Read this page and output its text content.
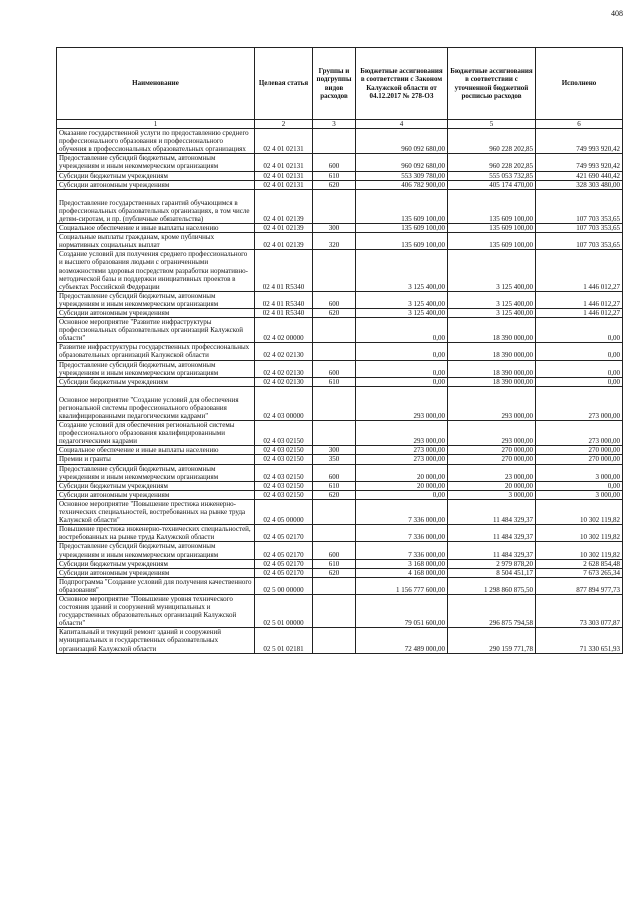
408
Наименование	Целевая статья	Группы и подгруппы видов расходов	Бюджетные ассигнования в соответствии с Законом Калужской области от 04.12.2017 № 278-ОЗ	Бюджетные ассигнования в соответствии с уточненной бюджетной росписью расходов	Исполнено
1	2	3	4	5	6
Оказание государственной услуги по предоставлению среднего профессионального образования и профессионального обучения в профессиональных образовательных организациях	02 4 01 02131		960 092 680,00	960 228 202,85	749 993 920,42
Предоставление субсидий бюджетным, автономным учреждениям и иным некоммерческим организациям	02 4 01 02131	600	960 092 680,00	960 228 202,85	749 993 920,42
Субсидии бюджетным учреждениям	02 4 01 02131	610	553 309 780,00	555 053 732,85	421 690 440,42
Субсидии автономным учреждениям	02 4 01 02131	620	406 782 900,00	405 174 470,00	328 303 480,00
Предоставление государственных гарантий обучающимся в профессиональных образовательных организациях, в том числе детям-сиротам, и пр. (публичные обязательства)	02 4 01 02139		135 609 100,00	135 609 100,00	107 703 353,65
Социальное обеспечение и иные выплаты населению	02 4 01 02139	300	135 609 100,00	135 609 100,00	107 703 353,65
Социальные выплаты гражданам, кроме публичных нормативных социальных выплат	02 4 01 02139	320	135 609 100,00	135 609 100,00	107 703 353,65
Создание условий для получения среднего профессионального и высшего образования людьми с ограниченными возможностями здоровья посредством разработки нормативно-методической базы и поддержки инициативных проектов в субъектах Российской Федерации	02 4 01 R5340		3 125 400,00	3 125 400,00	1 446 012,27
Предоставление субсидий бюджетным, автономным учреждениям и иным некоммерческим организациям	02 4 01 R5340	600	3 125 400,00	3 125 400,00	1 446 012,27
Субсидии автономным учреждениям	02 4 01 R5340	620	3 125 400,00	3 125 400,00	1 446 012,27
Основное мероприятие "Развитие инфраструктуры профессиональных образовательных организаций Калужской области"	02 4 02 00000		0,00	18 390 000,00	0,00
Развитие инфраструктуры государственных профессиональных образовательных организаций Калужской области	02 4 02 02130		0,00	18 390 000,00	0,00
Предоставление субсидий бюджетным, автономным учреждениям и иным некоммерческим организациям	02 4 02 02130	600	0,00	18 390 000,00	0,00
Субсидии бюджетным учреждениям	02 4 02 02130	610	0,00	18 390 000,00	0,00
Основное мероприятие "Создание условий для обеспечения региональной системы профессионального образования квалифицированными педагогическими кадрами"	02 4 03 00000		293 000,00	293 000,00	273 000,00
Создание условий для обеспечения региональной системы профессионального образования квалифицированными педагогическими кадрами	02 4 03 02150		293 000,00	293 000,00	273 000,00
Социальное обеспечение и иные выплаты населению	02 4 03 02150	300	273 000,00	270 000,00	270 000,00
Премии и гранты	02 4 03 02150	350	273 000,00	270 000,00	270 000,00
Предоставление субсидий бюджетным, автономным учреждениям и иным некоммерческим организациям	02 4 03 02150	600	20 000,00	23 000,00	3 000,00
Субсидии бюджетным учреждениям	02 4 03 02150	610	20 000,00	20 000,00	0,00
Субсидии автономным учреждениям	02 4 03 02150	620	0,00	3 000,00	3 000,00
Основное мероприятие "Повышение престижа инженерно-технических специальностей, востребованных на рынке труда Калужской области"	02 4 05 00000		7 336 000,00	11 484 329,37	10 302 119,82
Повышение престижа инженерно-технических специальностей, востребованных на рынке труда Калужской области	02 4 05 02170		7 336 000,00	11 484 329,37	10 302 119,82
Предоставление субсидий бюджетным, автономным учреждениям и иным некоммерческим организациям	02 4 05 02170	600	7 336 000,00	11 484 329,37	10 302 119,82
Субсидии бюджетным учреждениям	02 4 05 02170	610	3 168 000,00	2 979 878,20	2 628 854,48
Субсидии автономным учреждениям	02 4 05 02170	620	4 168 000,00	8 504 451,17	7 673 265,34
Подпрограмма "Создание условий для получения качественного образования"	02 5 00 00000		1 156 777 600,00	1 298 860 875,50	877 894 977,73
Основное мероприятие "Повышение уровня технического состояния зданий и сооружений муниципальных и государственных образовательных организаций Калужской области"	02 5 01 00000		79 051 600,00	296 875 794,58	73 303 077,87
Капитальный и текущий ремонт зданий и сооружений муниципальных и государственных образовательных организаций Калужской области	02 5 01 02181		72 489 000,00	290 159 771,78	71 330 651,93
